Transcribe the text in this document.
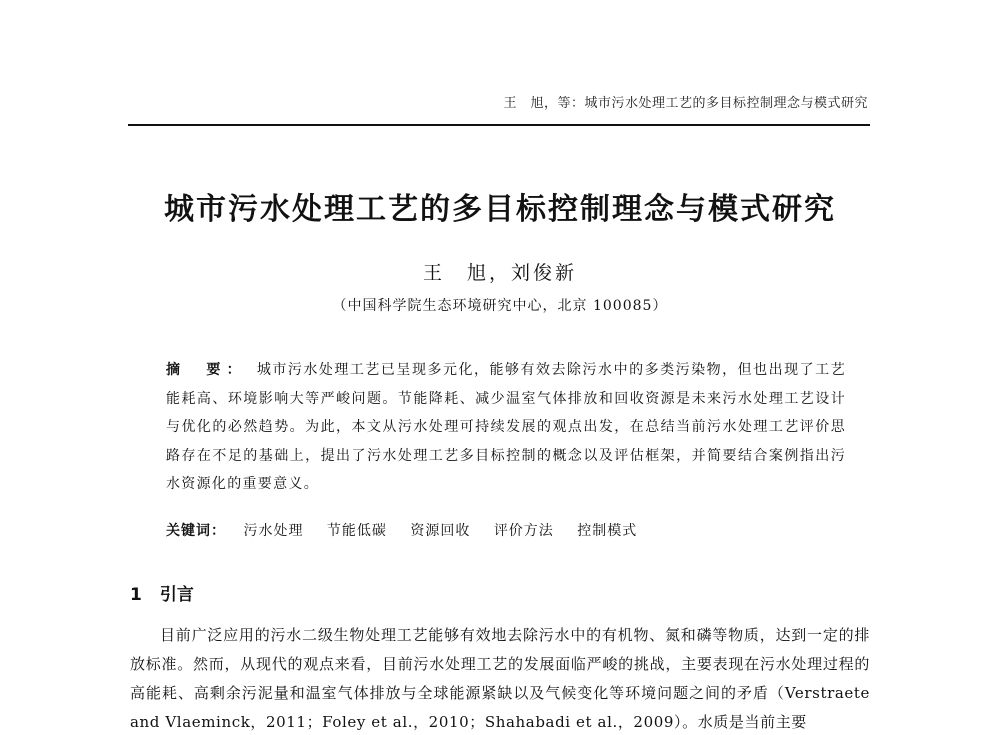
王　旭，等：城市污水处理工艺的多目标控制理念与模式研究
城市污水处理工艺的多目标控制理念与模式研究
王　旭，刘俊新
（中国科学院生态环境研究中心，北京 100085）
摘　要： 城市污水处理工艺已呈现多元化，能够有效去除污水中的多类污染物，但也出现了工艺能耗高、环境影响大等严峻问题。节能降耗、减少温室气体排放和回收资源是未来污水处理工艺设计与优化的必然趋势。为此，本文从污水处理可持续发展的观点出发，在总结当前污水处理工艺评价思路存在不足的基础上，提出了污水处理工艺多目标控制的概念以及评估框架，并简要结合案例指出污水资源化的重要意义。
关键词： 污水处理 节能低碳 资源回收 评价方法 控制模式
1 引言

目前广泛应用的污水二级生物处理工艺能够有效地去除污水中的有机物、氮和磷等物质，达到一定的排放标准。然而，从现代的观点来看，目前污水处理工艺的发展面临严峻的挑战，主要表现在污水处理过程的高能耗、高剩余污泥量和温室气体排放与全球能源紧缺以及气候变化等环境问题之间的矛盾（Verstraete and Vlaeminck，2011；Foley et al.，2010；Shahabadi et al.，2009）。水质是当前主要
